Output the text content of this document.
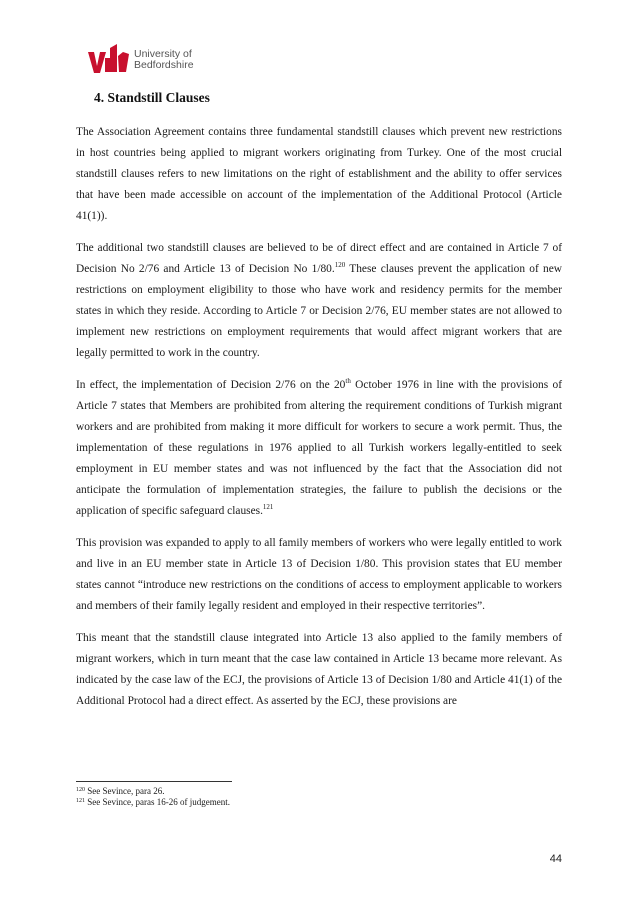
University of
Bedfordshire
4. Standstill Clauses

The Association Agreement contains three fundamental standstill clauses which prevent new restrictions in host countries being applied to migrant workers originating from Turkey. One of the most crucial standstill clauses refers to new limitations on the right of establishment and the ability to offer services that have been made accessible on account of the implementation of the Additional Protocol (Article 41(1)).

The additional two standstill clauses are believed to be of direct effect and are contained in Article 7 of Decision No 2/76 and Article 13 of Decision No 1/80.$^{120}$ These clauses prevent the application of new restrictions on employment eligibility to those who have work and residency permits for the member states in which they reside. According to Article 7 or Decision 2/76, EU member states are not allowed to implement new restrictions on employment requirements that would affect migrant workers that are legally permitted to work in the country.

In effect, the implementation of Decision 2/76 on the 20th October 1976 in line with the provisions of Article 7 states that Members are prohibited from altering the requirement conditions of Turkish migrant workers and are prohibited from making it more difficult for workers to secure a work permit. Thus, the implementation of these regulations in 1976 applied to all Turkish workers legally-entitled to seek employment in EU member states and was not influenced by the fact that the Association did not anticipate the formulation of implementation strategies, the failure to publish the decisions or the application of specific safeguard clauses.$^{121}$

This provision was expanded to apply to all family members of workers who were legally entitled to work and live in an EU member state in Article 13 of Decision 1/80. This provision states that EU member states cannot “introduce new restrictions on the conditions of access to employment applicable to workers and members of their family legally resident and employed in their respective territories”.

This meant that the standstill clause integrated into Article 13 also applied to the family members of migrant workers, which in turn meant that the case law contained in Article 13 became more relevant. As indicated by the case law of the ECJ, the provisions of Article 13 of Decision 1/80 and Article 41(1) of the Additional Protocol had a direct effect. As asserted by the ECJ, these provisions are

$^{120}$ See Sevince, para 26.

$^{121}$ See Sevince, paras 16-26 of judgement.

44
